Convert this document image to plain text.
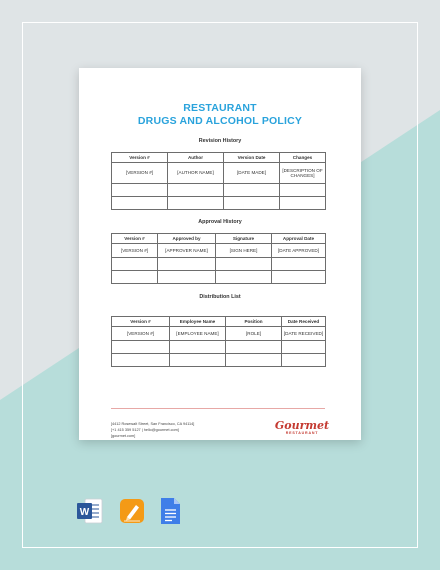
RESTAURANT
DRUGS AND ALCOHOL POLICY
Revision History
Version #	Author	Version Date	Changes
[VERSION #]	[AUTHOR NAME]	[DATE MADE]	[DESCRIPTION OF CHANGES]

Approval History
Version #	Approved by	Signature	Approval Date
[VERSION #]	[APPROVER NAME]	[SIGN HERE]	[DATE APPROVED]

Distribution List
Version #	Employee Name	Position	Date Received
[VERSION #]	[EMPLOYEE NAME]	[ROLE]	[DATE RECEIVED]

[4412 Rosewalt Street, San Francisco, CA 94114]
[+1 415 359 5127 | hello@gourmet.com]
[gourmet.com]
Gourmet
RESTAURANT
W
